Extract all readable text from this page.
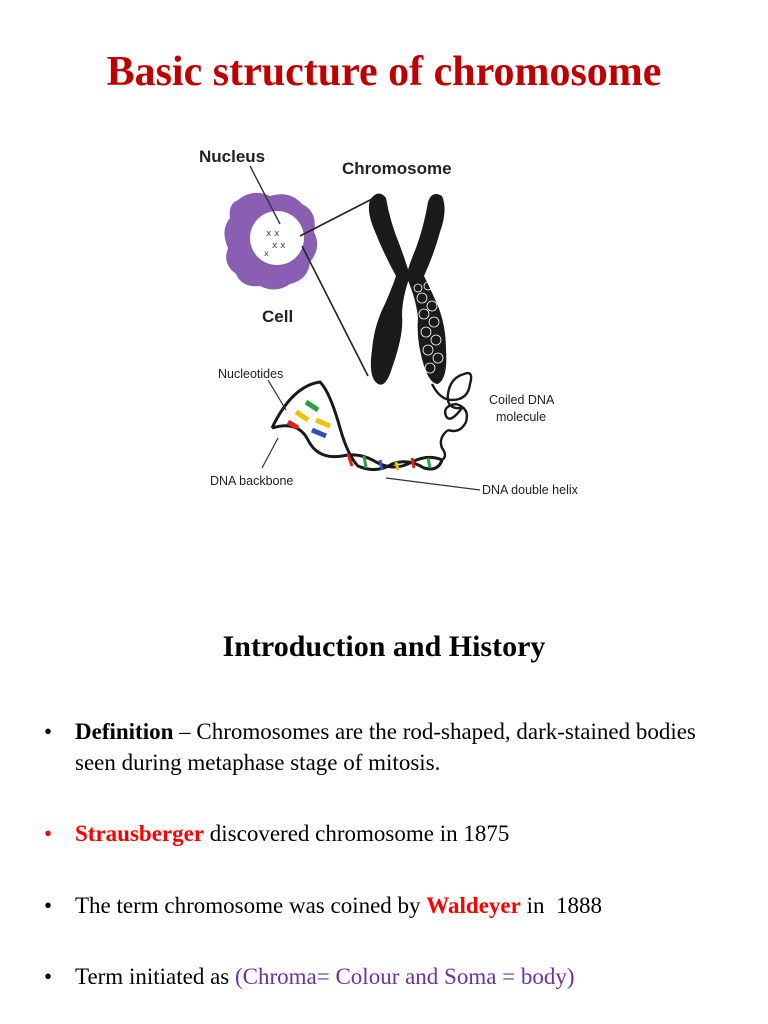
Basic structure of chromosome
x x
x x
x
Nucleus
Chromosome
Cell
Nucleotides
Coiled DNA
molecule
DNA backbone
DNA double helix
Introduction and History
• Definition – Chromosomes are the rod-shaped, dark-stained bodies seen during metaphase stage of mitosis.
• Strausberger discovered chromosome in 1875
• The term chromosome was coined by Waldeyer in  1888
• Term initiated as (Chroma= Colour and Soma = body)
